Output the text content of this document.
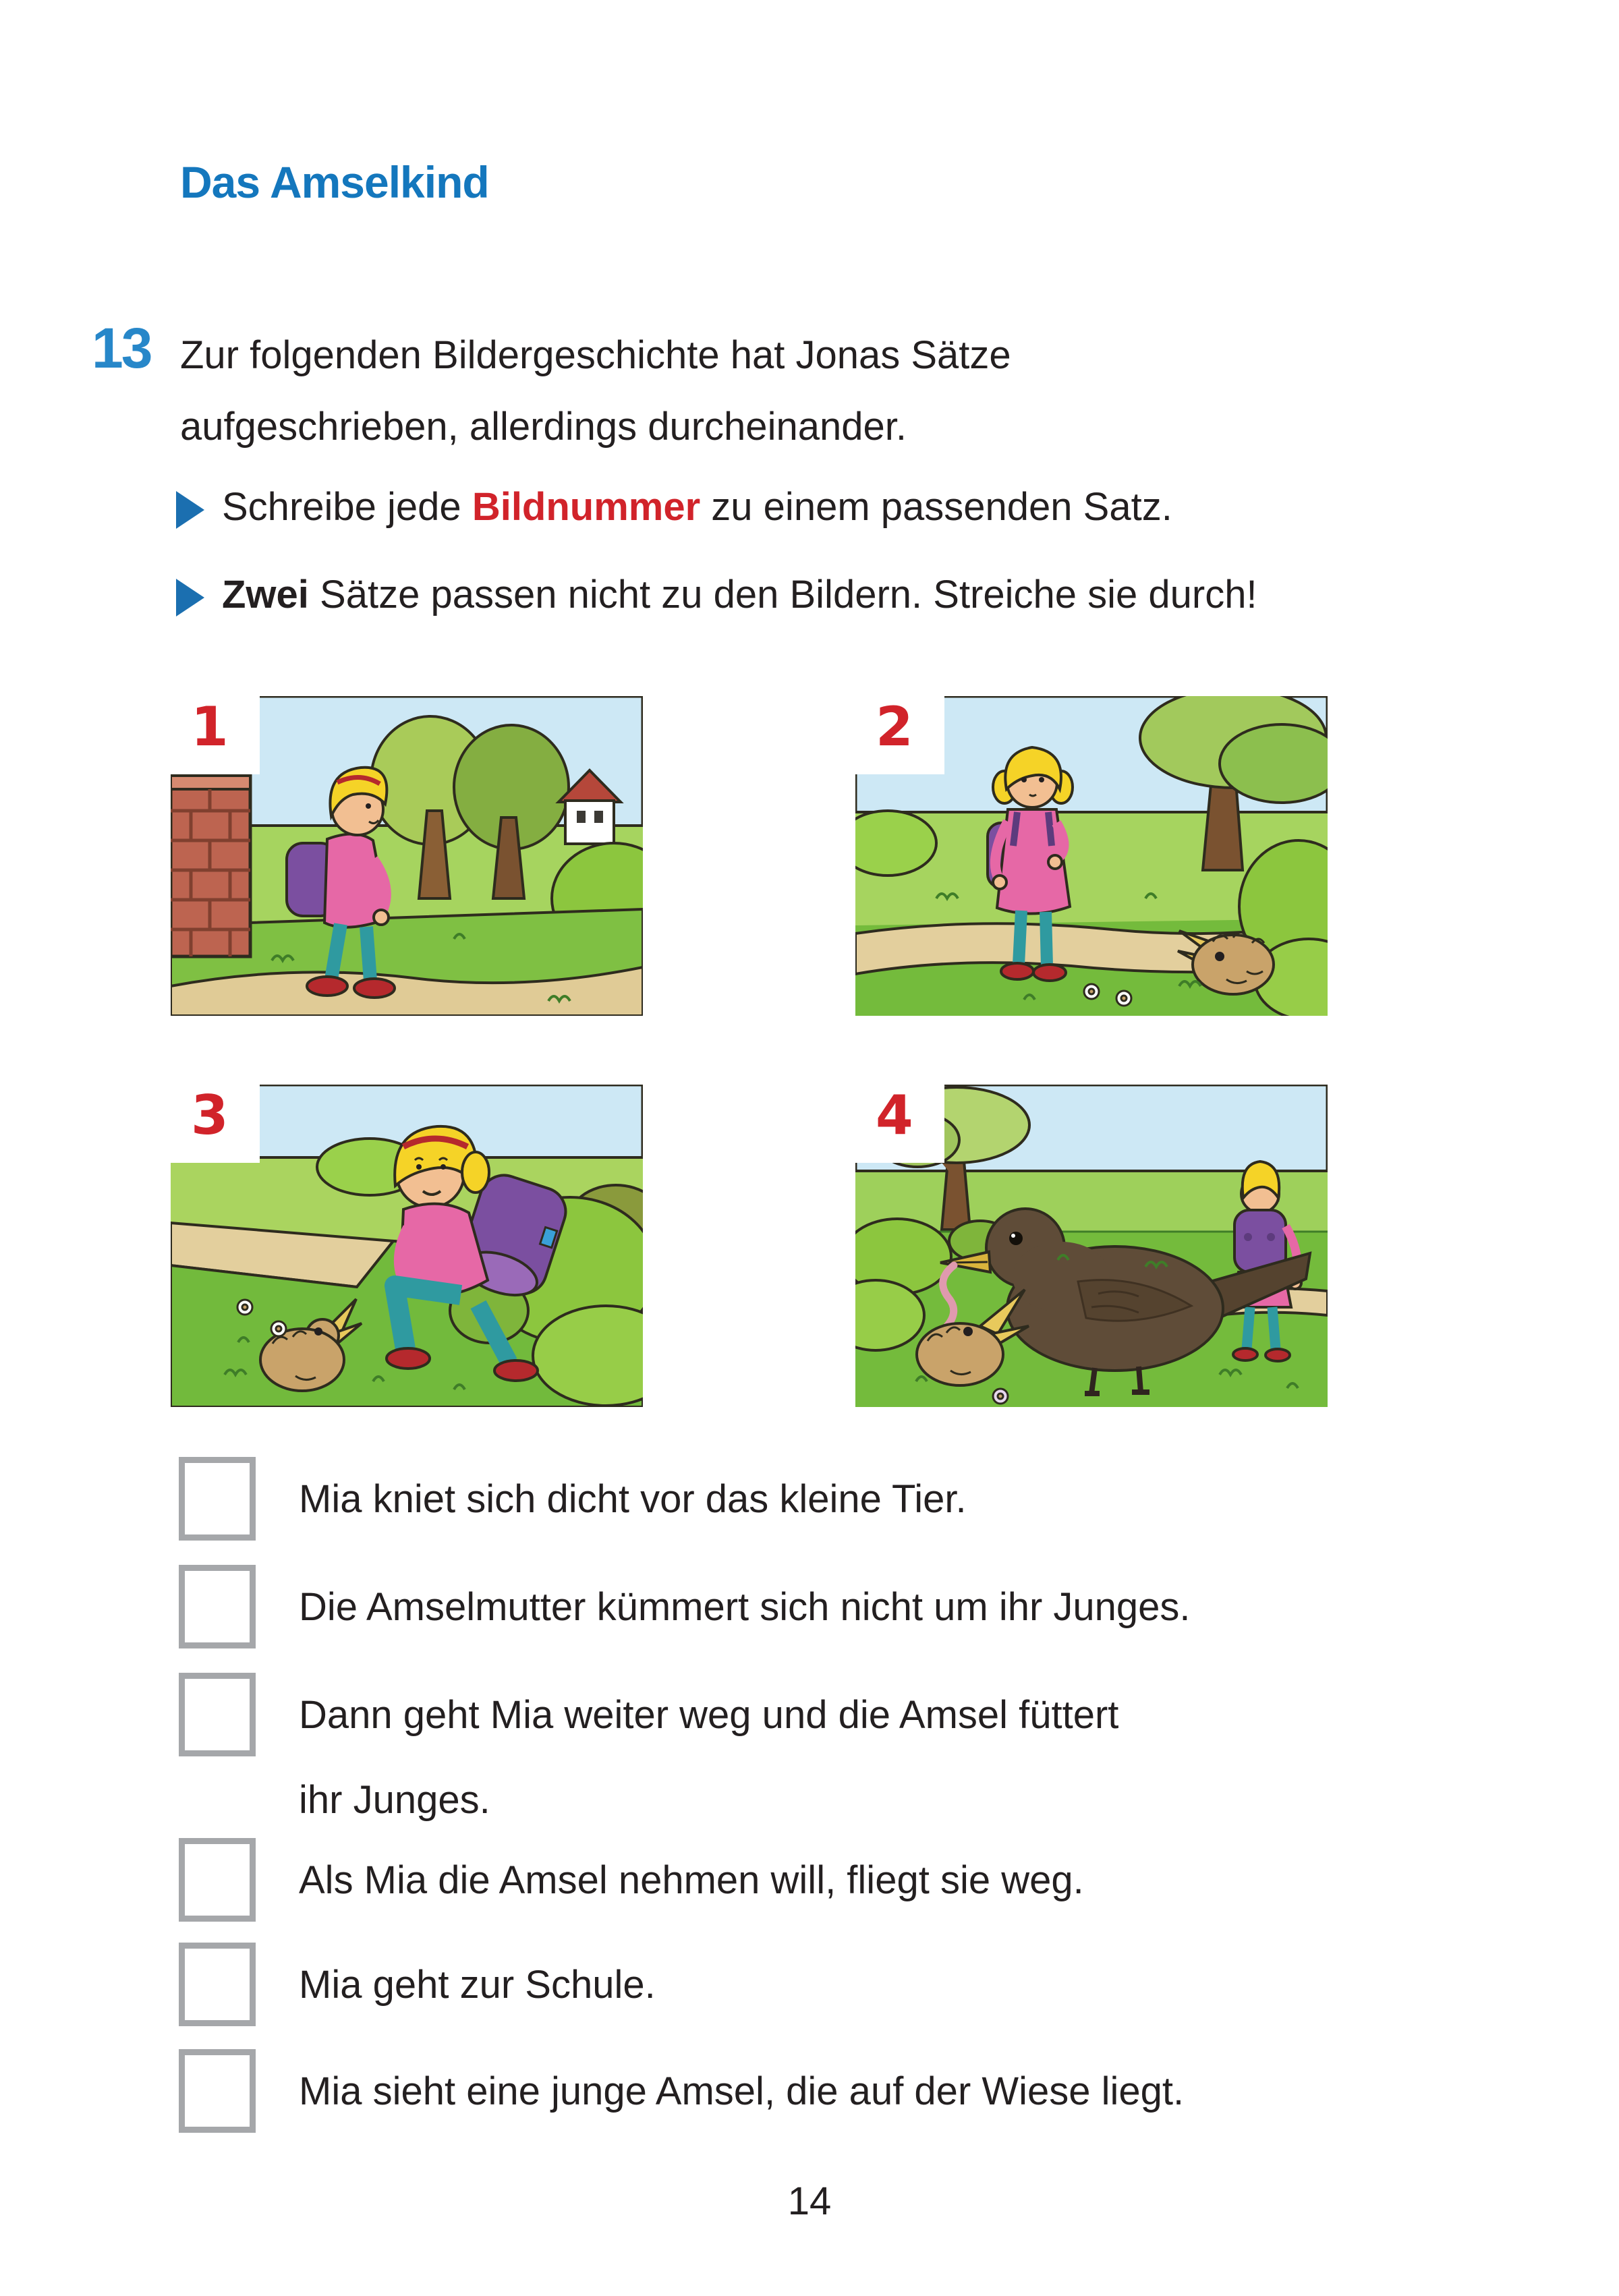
Das Amselkind
13 Zur folgenden Bildergeschichte hat Jonas Sätze
aufgeschrieben, allerdings durcheinander.
Schreibe jede Bildnummer zu einem passenden Satz.
Zwei Sätze passen nicht zu den Bildern. Streiche sie durch!
1	2
3	4
Mia kniet sich dicht vor das kleine Tier.
Die Amselmutter kümmert sich nicht um ihr Junges.
Dann geht Mia weiter weg und die Amsel füttert
ihr Junges.
Als Mia die Amsel nehmen will, fliegt sie weg.
Mia geht zur Schule.
Mia sieht eine junge Amsel, die auf der Wiese liegt.
14
